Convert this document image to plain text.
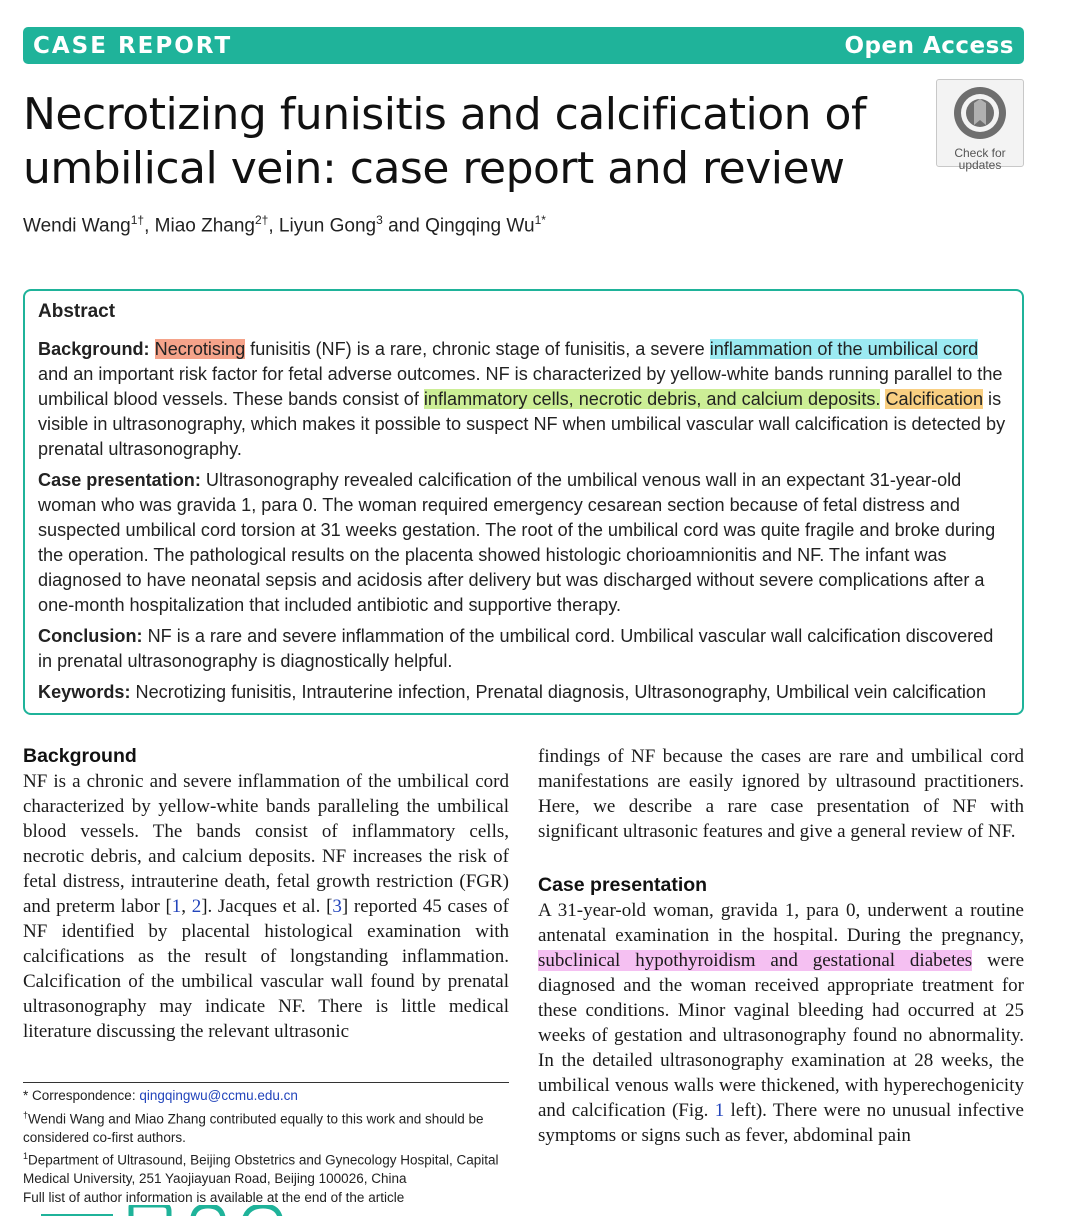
CASE REPORT	Open Access
Necrotizing funisitis and calcification of umbilical vein: case report and review	Check for
updates
Wendi Wang$^{1\dagger}$, Miao Zhang$^{2\dagger}$, Liyun Gong$^3$ and Qingqing $Wu^{1*}$
Abstract

Background: Necrotising funisitis (NF) is a rare, chronic stage of funisitis, a severe inflammation of the umbilical cord and an important risk factor for fetal adverse outcomes. NF is characterized by yellow-white bands running parallel to the umbilical blood vessels. These bands consist of inflammatory cells, necrotic debris, and calcium deposits. Calcification is visible in ultrasonography, which makes it possible to suspect NF when umbilical vascular wall calcification is detected by prenatal ultrasonography.

Case presentation: Ultrasonography revealed calcification of the umbilical venous wall in an expectant 31-year-old woman who was gravida 1, para 0. The woman required emergency cesarean section because of fetal distress and suspected umbilical cord torsion at 31 weeks gestation. The root of the umbilical cord was quite fragile and broke during the operation. The pathological results on the placenta showed histologic chorioamnionitis and NF. The infant was diagnosed to have neonatal sepsis and acidosis after delivery but was discharged without severe complications after a one-month hospitalization that included antibiotic and supportive therapy.

Conclusion: NF is a rare and severe inflammation of the umbilical cord. Umbilical vascular wall calcification discovered in prenatal ultrasonography is diagnostically helpful.

Keywords: Necrotizing funisitis, Intrauterine infection, Prenatal diagnosis, Ultrasonography, Umbilical vein calcification

Background

NF is a chronic and severe inflammation of the umbilical cord characterized by yellow-white bands paralleling the umbilical blood vessels. The bands consist of inflammatory cells, necrotic debris, and calcium deposits. NF increases the risk of fetal distress, intrauterine death, fetal growth restriction (FGR) and preterm labor [1, 2]. Jacques et al. [3] reported 45 cases of NF identified by placental histological examination with calcifications as the result of longstanding inflammation. Calcification of the umbilical vascular wall found by prenatal ultrasonography may indicate NF. There is little medical literature discussing the relevant ultrasonic

findings of NF because the cases are rare and umbilical cord manifestations are easily ignored by ultrasound practitioners. Here, we describe a rare case presentation of NF with significant ultrasonic features and give a general review of NF.

Case presentation

A 31-year-old woman, gravida 1, para 0, underwent a routine antenatal examination in the hospital. During the pregnancy, subclinical hypothyroidism and gestational diabetes were diagnosed and the woman received appropriate treatment for these conditions. Minor vaginal bleeding had occurred at 25 weeks of gestation and ultrasonography found no abnormality. In the detailed ultrasonography examination at 28 weeks, the umbilical venous walls were thickened, with hyperechogenicity and calcification (Fig. 1 left). There were no unusual infective symptoms or signs such as fever, abdominal pain

* Correspondence: qingqingwu@ccmu.edu.cn
†Wendi Wang and Miao Zhang contributed equally to this work and should be considered co-first authors.
$^1$Department of Ultrasound, Beijing Obstetrics and Gynecology Hospital, Capital Medical University, 251 Yaojiayuan Road, Beijing 100026, China
Full list of author information is available at the end of the article
